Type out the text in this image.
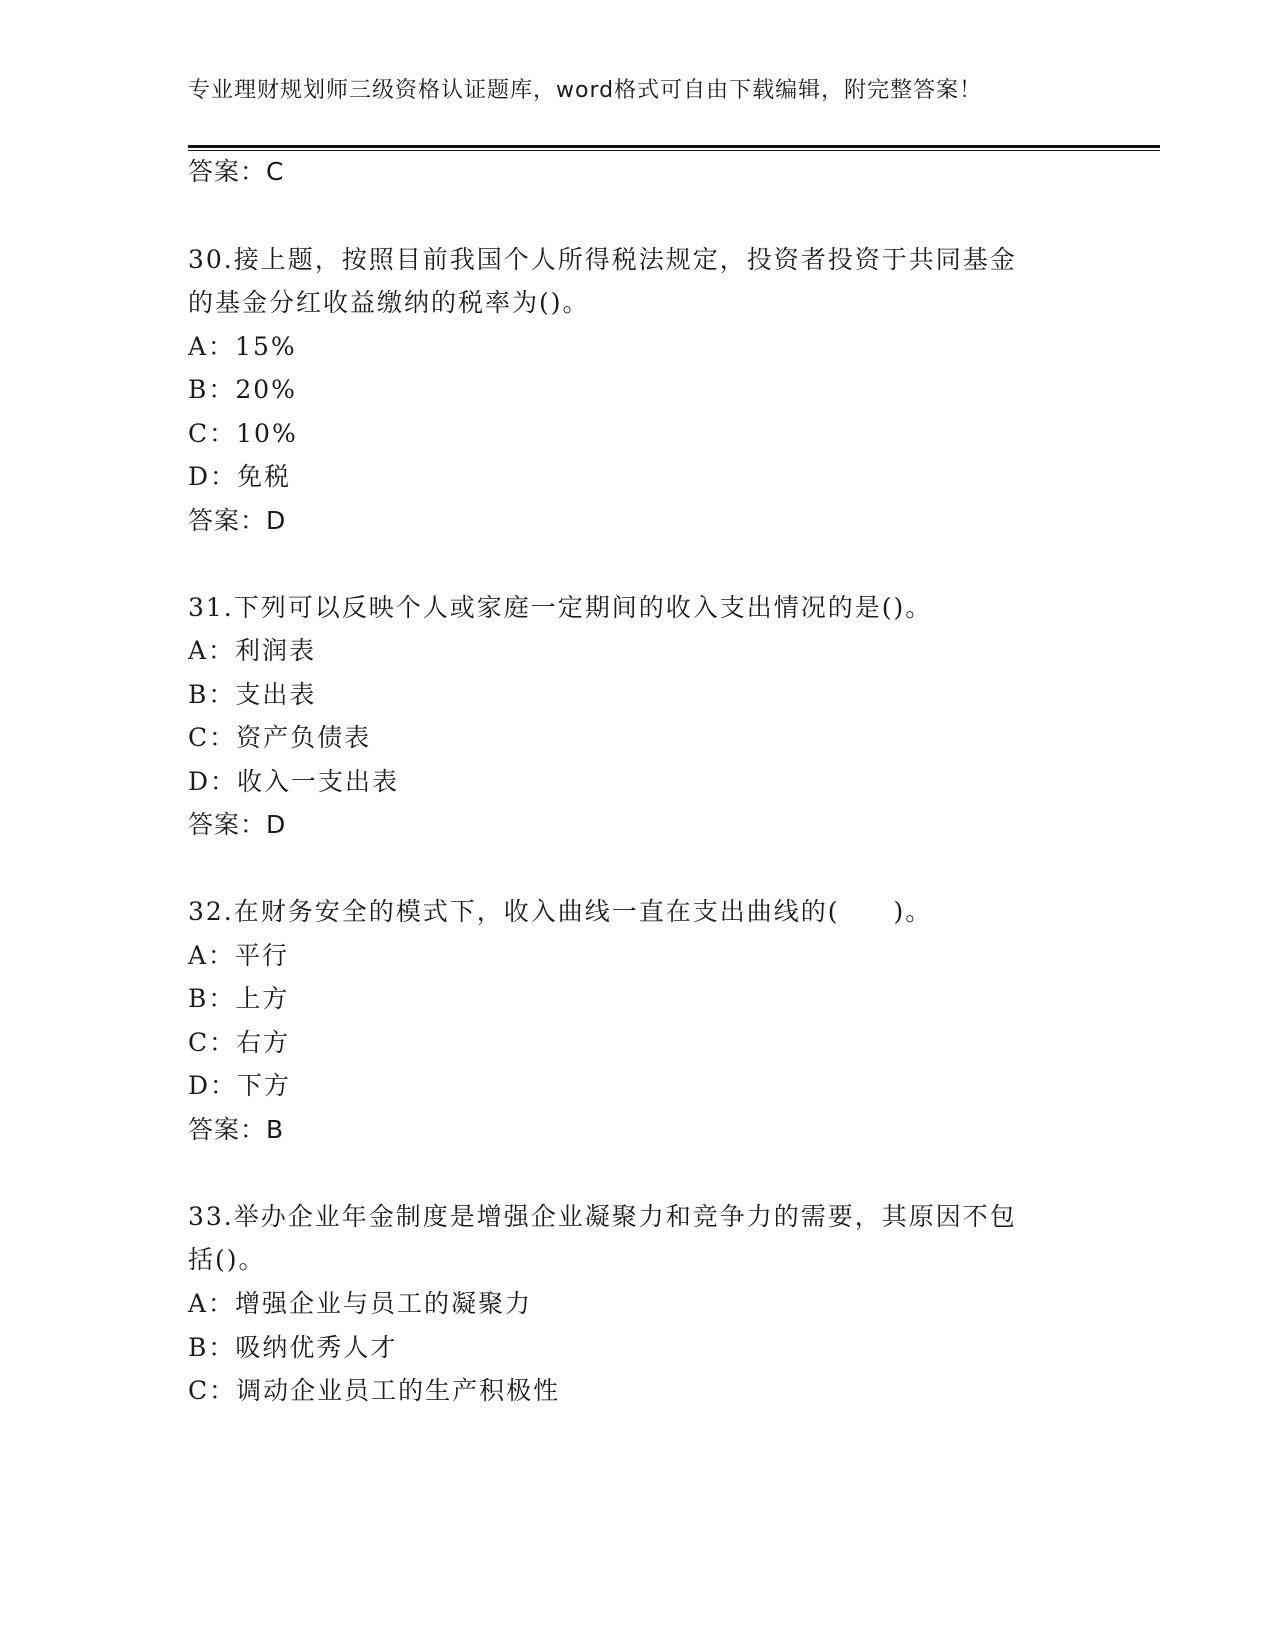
专业理财规划师三级资格认证题库，word格式可自由下载编辑，附完整答案！
答案：C
30.接上题，按照目前我国个人所得税法规定，投资者投资于共同基金
的基金分红收益缴纳的税率为()。
A：15%
B：20%
C：10%
D：免税
答案：D
31.下列可以反映个人或家庭一定期间的收入支出情况的是()。
A：利润表
B：支出表
C：资产负债表
D：收入一支出表
答案：D
32.在财务安全的模式下，收入曲线一直在支出曲线的(　　)。
A：平行
B：上方
C：右方
D：下方
答案：B
33.举办企业年金制度是增强企业凝聚力和竞争力的需要，其原因不包
括()。
A：增强企业与员工的凝聚力
B：吸纳优秀人才
C：调动企业员工的生产积极性
